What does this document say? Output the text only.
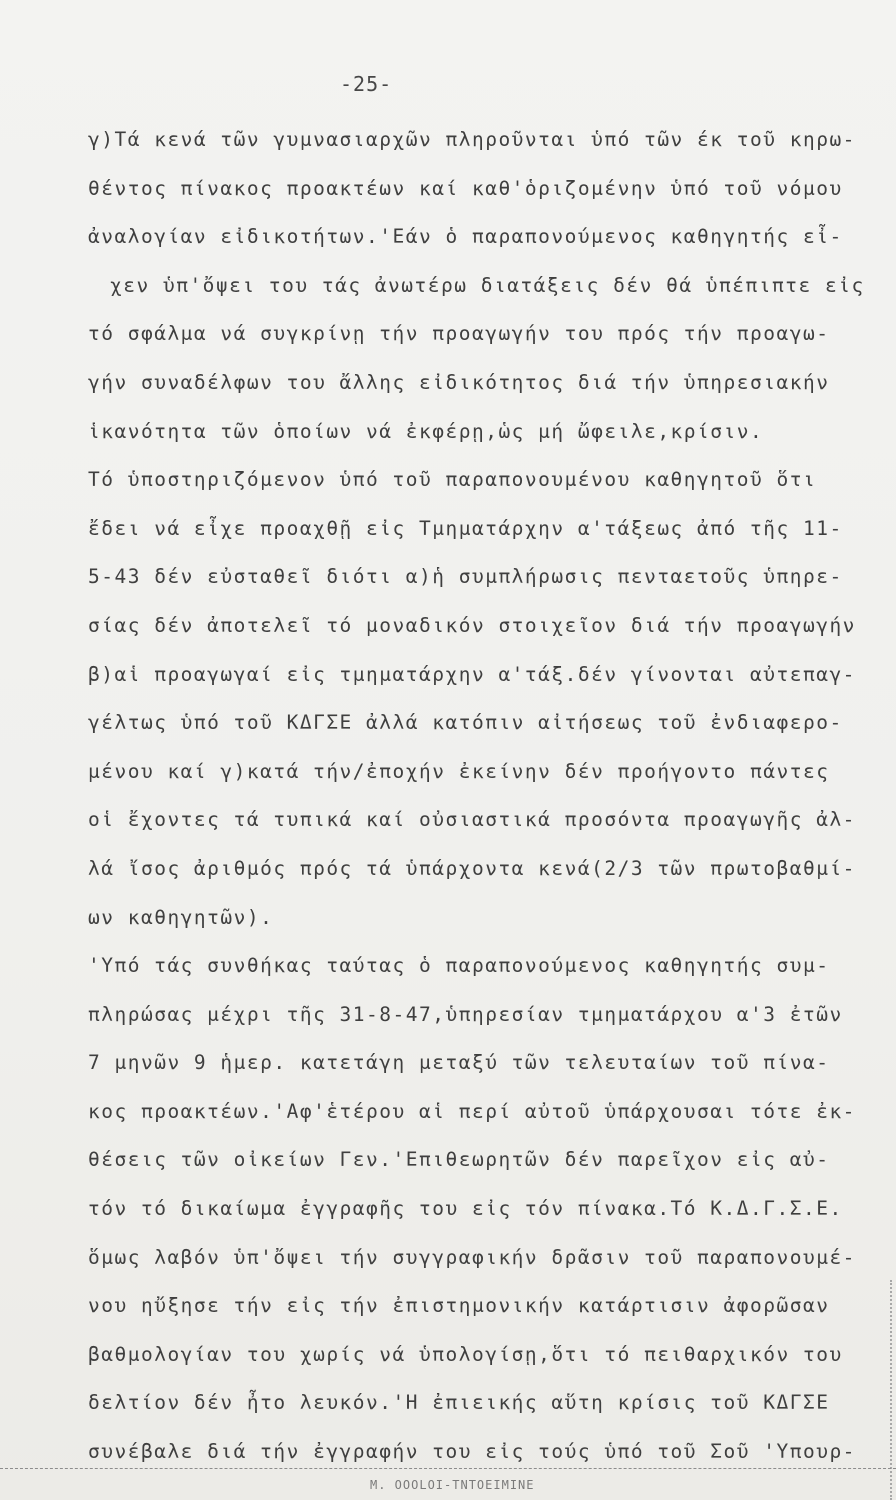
-25-
γ)Τά κενά τῶν γυμνασιαρχῶν πληροῦνται ὑπό τῶν έκ τοῦ κηρω-
θέντος πίνακος προακτέων καί καθ'ὁριζομένην ὑπό τοῦ νόμου
ἀναλογίαν εἰδικοτήτων.'Εάν ὁ παραπονούμενος καθηγητής εἶ-
χεν ὑπ'ὄψει του τάς ἀνωτέρω διατάξεις δέν θά ὑπέπιπτε εἰς
τό σφάλμα νά συγκρίνῃ τήν προαγωγήν του πρός τήν προαγω-
γήν συναδέλφων του ἄλλης εἰδικότητος διά τήν ὑπηρεσιακήν
ἱκανότητα τῶν ὁποίων νά ἐκφέρῃ,ὡς μή ὤφειλε,κρίσιν.
Τό ὑποστηριζόμενον ὑπό τοῦ παραπονουμένου καθηγητοῦ ὅτι
ἔδει νά εἶχε προαχθῇ εἰς Τμηματάρχην α'τάξεως ἀπό τῆς 11-
5-43 δέν εὐσταθεῖ διότι α)ἡ συμπλήρωσις πενταετοῦς ὑπηρε-
σίας δέν ἀποτελεῖ τό μοναδικόν στοιχεῖον διά τήν προαγωγήν
β)αἱ προαγωγαί εἰς τμηματάρχην α'τάξ.δέν γίνονται αὐτεπαγ-
γέλτως ὑπό τοῦ ΚΔΓΣΕ ἀλλά κατόπιν αἰτήσεως τοῦ ἐνδιαφερο-
μένου καί γ)κατά τήν/ἐποχήν ἐκείνην δέν προήγοντο πάντες
οἱ ἔχοντες τά τυπικά καί οὐσιαστικά προσόντα προαγωγῆς ἀλ-
λά ἴσος ἀριθμός πρός τά ὑπάρχοντα κενά(2/3 τῶν πρωτοβαθμί-
ων καθηγητῶν).
'Υπό τάς συνθήκας ταύτας ὁ παραπονούμενος καθηγητής συμ-
πληρώσας μέχρι τῆς 31-8-47,ὑπηρεσίαν τμηματάρχου α'3 ἐτῶν
7 μηνῶν 9 ἡμερ. κατετάγη μεταξύ τῶν τελευταίων τοῦ πίνα-
κος προακτέων.'Αφ'ἑτέρου αἱ περί αὐτοῦ ὑπάρχουσαι τότε ἐκ-
θέσεις τῶν οἰκείων Γεν.'Επιθεωρητῶν δέν παρεῖχον εἰς αὐ-
τόν τό δικαίωμα ἐγγραφῆς του εἰς τόν πίνακα.Τό Κ.Δ.Γ.Σ.Ε.
ὅμως λαβόν ὑπ'ὄψει τήν συγγραφικήν δρᾶσιν τοῦ παραπονουμέ-
νου ηὔξησε τήν εἰς τήν ἐπιστημονικήν κατάρτισιν ἀφορῶσαν
βαθμολογίαν του χωρίς νά ὑπολογίσῃ,ὅτι τό πειθαρχικόν του
δελτίον δέν ἦτο λευκόν.'Η ἐπιεικής αὕτη κρίσις τοῦ ΚΔΓΣΕ
συνέβαλε διά τήν ἐγγραφήν του εἰς τούς ὑπό τοῦ Σοῦ 'Υπουρ-
M. OOOLOI-TNTOEIMINE
